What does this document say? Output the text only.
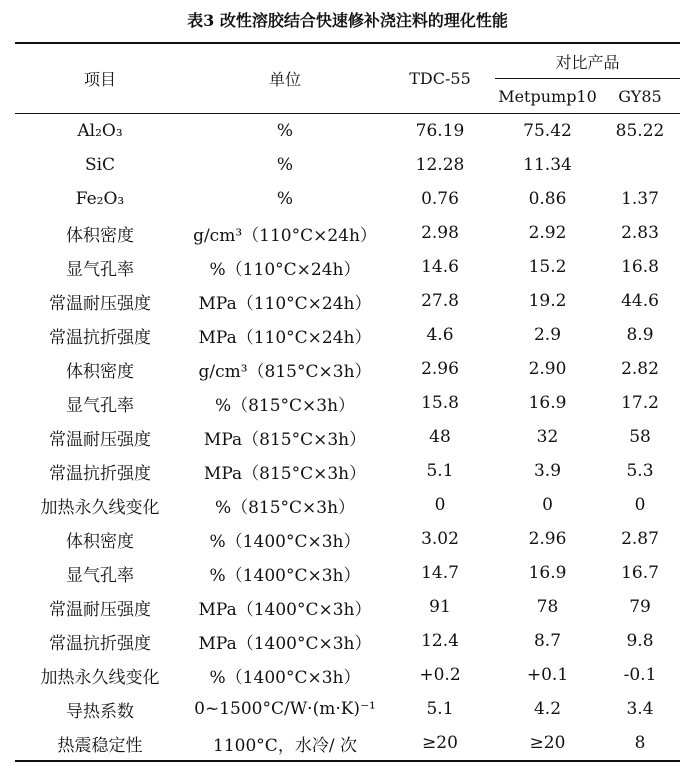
表3 改性溶胶结合快速修补浇注料的理化性能
项目	单位	TDC-55	对比产品	
			Metpump10	GY85
Al₂O₃	%	76.19	75.42	85.22
SiC	%	12.28	11.34	
Fe₂O₃	%	0.76	0.86	1.37
体积密度	g/cm³（110°C×24h）	2.98	2.92	2.83
显气孔率	%（110°C×24h）	14.6	15.2	16.8
常温耐压强度	MPa（110°C×24h）	27.8	19.2	44.6
常温抗折强度	MPa（110°C×24h）	4.6	2.9	8.9
体积密度	g/cm³（815°C×3h）	2.96	2.90	2.82
显气孔率	%（815°C×3h）	15.8	16.9	17.2
常温耐压强度	MPa（815°C×3h）	48	32	58
常温抗折强度	MPa（815°C×3h）	5.1	3.9	5.3
加热永久线变化	%（815°C×3h）	0	0	0
体积密度	%（1400°C×3h）	3.02	2.96	2.87
显气孔率	%（1400°C×3h）	14.7	16.9	16.7
常温耐压强度	MPa（1400°C×3h）	91	78	79
常温抗折强度	MPa（1400°C×3h）	12.4	8.7	9.8
加热永久线变化	%（1400°C×3h）	+0.2	+0.1	-0.1
导热系数	0~1500°C/W·(m·K)⁻¹	5.1	4.2	3.4
热震稳定性	1100°C，水冷/ 次	≥20	≥20	8
